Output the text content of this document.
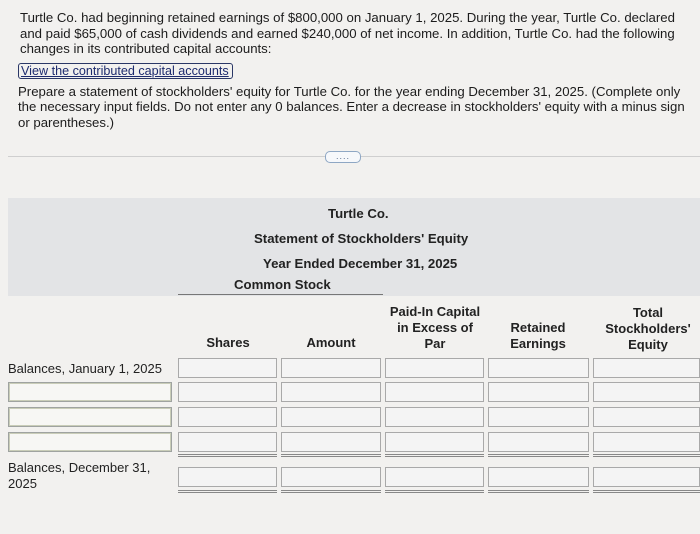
Turtle Co. had beginning retained earnings of $800,000 on January 1, 2025. During the year, Turtle Co. declared and paid $65,000 of cash dividends and earned $240,000 of net income. In addition, Turtle Co. had the following changes in its contributed capital accounts:
View the contributed capital accounts
Prepare a statement of stockholders' equity for Turtle Co. for the year ending December 31, 2025. (Complete only the necessary input fields. Do not enter any 0 balances. Enter a decrease in stockholders' equity with a minus sign or parentheses.)
....
Turtle Co.
Statement of Stockholders' Equity
Year Ended December 31, 2025
Common Stock
Shares	Amount
Paid-In Capital
in Excess of
Par
Retained
Earnings
Total
Stockholders'
Equity
Balances, January 1, 2025
Balances, December 31,
2025
